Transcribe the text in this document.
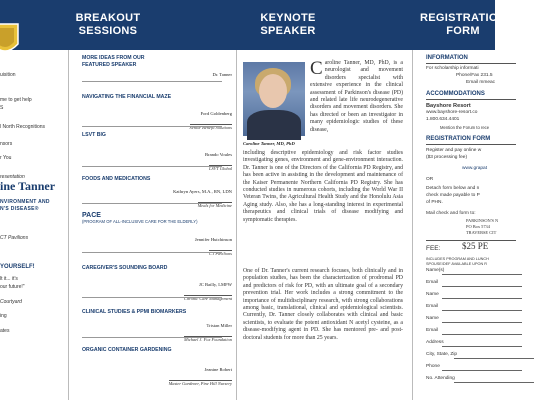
BREAKOUT
SESSIONS
KEYNOTE
SPEAKER
REGISTRATION
FORM
uisition
me to get help
S
l North Recognitions
nsors
r You
resentation
ine Tanner
NVIRONMENT AND
N'S DISEASE®
CT Pavilions
YOURSELF!
lt it... it's
our future!"
Courtyard
ing
ates
MORE IDEAS FROM OUR
FEATURED SPEAKER
Dr. Tanner
NAVIGATING THE FINANCIAL MAZE
Ford Goldenberg
Senior Benefit Solutions
LSVT BIG
Brando Voules
LSVT Global
FOODS AND MEDICATIONS
Kathryn Ayers, M.A., RN, LDN
Meals for Medicine
PACE
(PROGRAM OF ALL-INCLUSIVE CARE FOR THE ELDERLY)
Jennifer Hutchinson
CT Pavilions
CAREGIVER'S SOUNDING BOARD
JC Bailly, LMFW
Chronic Care Management
CLINICAL STUDIES & PPMI BIOMARKERS
Tristan Miller
Michael J. Fox Foundation
ORGANIC CONTAINER GARDENING
Jeanine Robert
Master Gardener, Pine Hill Nursery
Caroline Tanner, MD, PhD
Caroline Tanner, MD, PhD, is a neurologist and movement disorders specialist with extensive experience in the clinical assessment of Parkinson's disease (PD) and related late life neurodegenerative disorders and movement disorders. She has directed or been an investigator in many epidemiologic studies of these disease,
including descriptive epidemiology and risk factor studies investigating genes, environment and gene-environment interaction. Dr. Tanner is one of the Directors of the California PD Registry, and has been active in assisting in the development and maintenance of the Kaiser Permanente Northern California PD Registry. She has conducted studies in numerous cohorts, including the World War II Veteran Twins, the Agricultural Health Study and the Honolulu Asia Aging study. Also, she has a long-standing interest in experimental therapeutics and clinical trials of disease modifying and symptomatic therapies.
One of Dr. Tanner's current research focuses, both clinically and in population studies, has been the characterization of prodromal PD and predictors of risk for PD, with an ultimate goal of a secondary prevention trial. Her work includes a strong commitment to the importance of multidisciplinary research, with strong collaborations among basic, translational, clinical and epidemiological scientists. Currently, Dr. Tanner closely collaborates with clinical and basic scientists, to evaluate the potent antioxidant N acetyl cysteine, as a disease-modifying agent in PD. She has mentored pre- and post-doctoral students for more than 25 years.
INFORMATION
For scholarship informati
Phone/Fax 231.5
Email mmeac
ACCOMMODATIONS
Bayshore Resort
www.bayshore-resort.co
1.800.634.4401
Mention the Forum to rece
REGISTRATION FORM
Register and pay online w
($3 processing fee)
www.grapat
OR
Detach form below and n
check made payable to P
of PHN.
Mail check and form to:
PARKINSON'S N
PO Box 5734
TRAVERSE CIT
FEE: $25 PE
INCLUDES PROGRAM AND LUNCH
SPOUSE/DEF AVAILABLE UPON R
Name(s)
Email
Name
Email
Name
Email
Address
City, State, Zip
Phone
No. Attending
